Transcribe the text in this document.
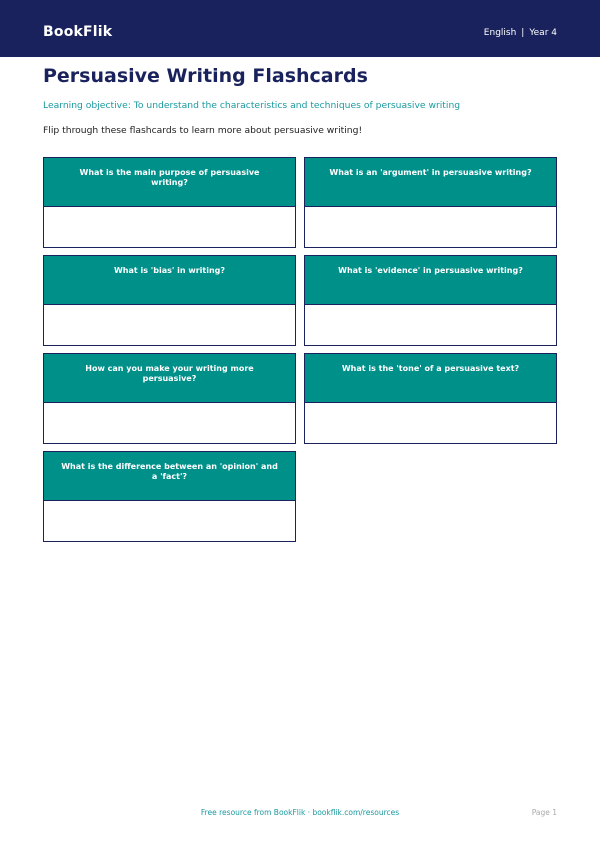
BookFlik	English | Year 4
Persuasive Writing Flashcards
Learning objective: To understand the characteristics and techniques of persuasive writing
Flip through these flashcards to learn more about persuasive writing!
What is the main purpose of persuasive writing?
What is an 'argument' in persuasive writing?
What is 'bias' in writing?	What is 'evidence' in persuasive writing?
How can you make your writing more persuasive?
What is the 'tone' of a persuasive text?
What is the difference between an 'opinion' and a 'fact'?
Free resource from BookFlik · bookflik.com/resources	Page 1
